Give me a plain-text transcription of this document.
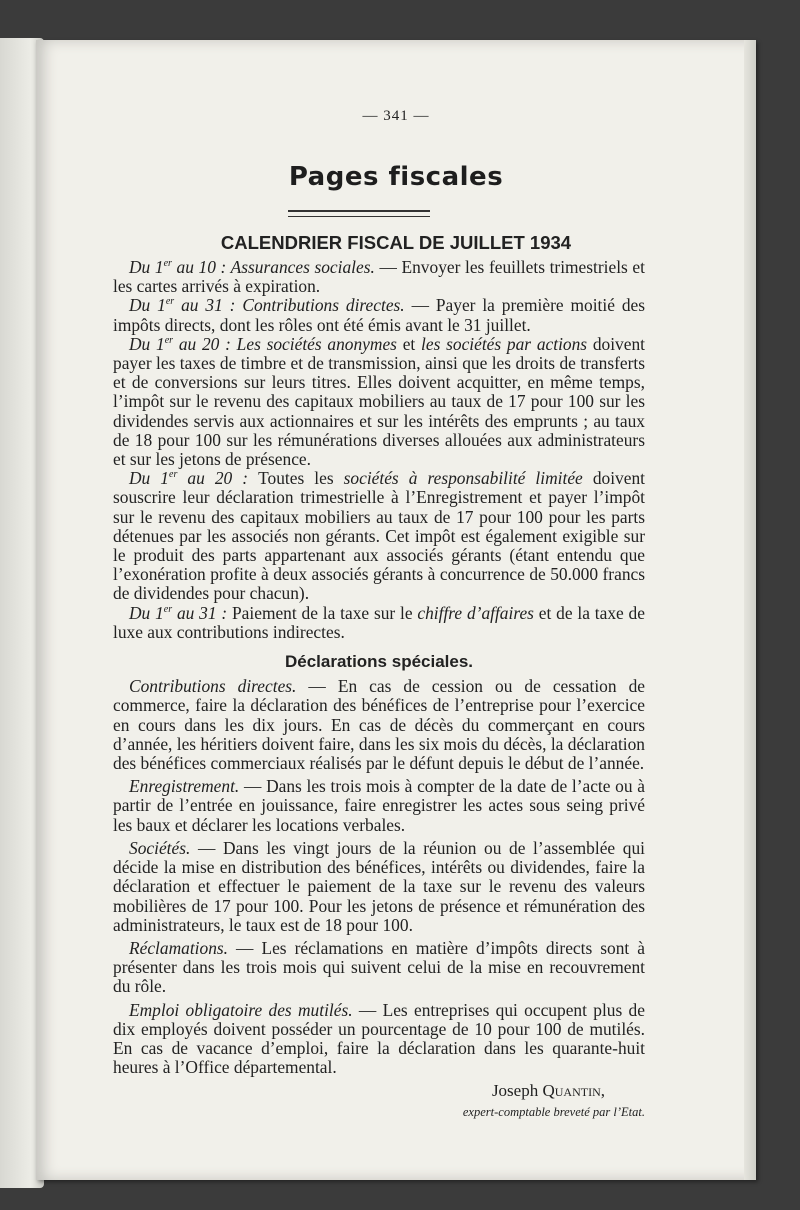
— 341 —
Pages fiscales
CALENDRIER FISCAL DE JUILLET 1934

Du 1er au 10 : Assurances sociales. — Envoyer les feuillets trimestriels et les cartes arrivés à expiration.

Du 1er au 31 : Contributions directes. — Payer la première moitié des impôts directs, dont les rôles ont été émis avant le 31 juillet.

Du 1er au 20 : Les sociétés anonymes et les sociétés par actions doivent payer les taxes de timbre et de transmission, ainsi que les droits de transferts et de conversions sur leurs titres. Elles doivent acquitter, en même temps, l’impôt sur le revenu des capitaux mobiliers au taux de 17 pour 100 sur les dividendes servis aux actionnaires et sur les intérêts des emprunts ; au taux de 18 pour 100 sur les rémunérations diverses allouées aux administrateurs et sur les jetons de présence.

Du 1er au 20 : Toutes les sociétés à responsabilité limitée doivent souscrire leur déclaration trimestrielle à l’Enregistrement et payer l’impôt sur le revenu des capitaux mobiliers au taux de 17 pour 100 pour les parts détenues par les associés non gérants. Cet impôt est également exigible sur le produit des parts appartenant aux associés gérants (étant entendu que l’exonération profite à deux associés gérants à concurrence de 50.000 francs de dividendes pour chacun).

Du 1er au 31 : Paiement de la taxe sur le chiffre d’affaires et de la taxe de luxe aux contributions indirectes.

Déclarations spéciales.

Contributions directes. — En cas de cession ou de cessation de commerce, faire la déclaration des bénéfices de l’entreprise pour l’exercice en cours dans les dix jours. En cas de décès du commerçant en cours d’année, les héritiers doivent faire, dans les six mois du décès, la déclaration des bénéfices commerciaux réalisés par le défunt depuis le début de l’année.

Enregistrement. — Dans les trois mois à compter de la date de l’acte ou à partir de l’entrée en jouissance, faire enregistrer les actes sous seing privé les baux et déclarer les locations verbales.

Sociétés. — Dans les vingt jours de la réunion ou de l’assemblée qui décide la mise en distribution des bénéfices, intérêts ou dividendes, faire la déclaration et effectuer le paiement de la taxe sur le revenu des valeurs mobilières de 17 pour 100. Pour les jetons de présence et rémunération des administrateurs, le taux est de 18 pour 100.

Réclamations. — Les réclamations en matière d’impôts directs sont à présenter dans les trois mois qui suivent celui de la mise en recouvrement du rôle.

Emploi obligatoire des mutilés. — Les entreprises qui occupent plus de dix employés doivent posséder un pourcentage de 10 pour 100 de mutilés. En cas de vacance d’emploi, faire la déclaration dans les quarante-huit heures à l’Office départemental.

Joseph Quantin,
expert-comptable breveté par l’Etat.
